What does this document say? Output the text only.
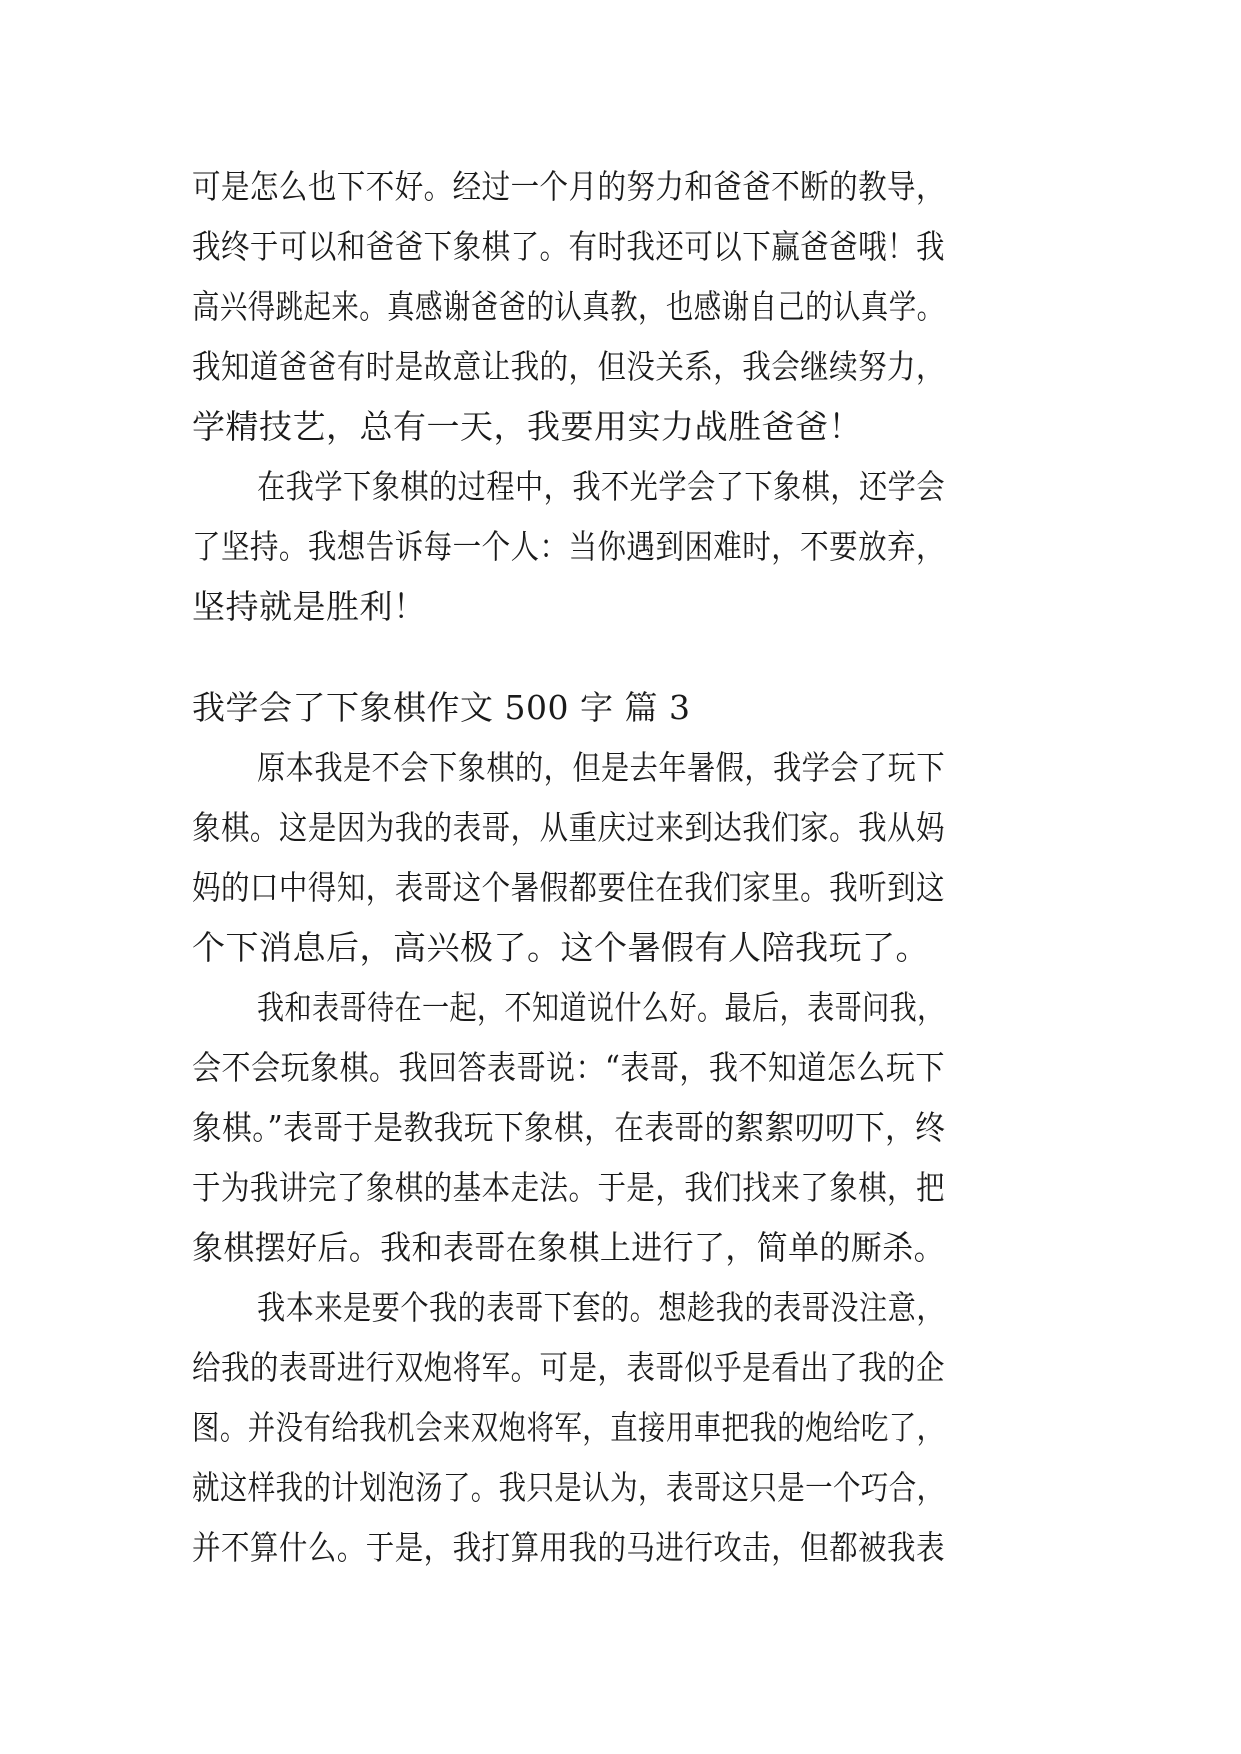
可是怎么也下不好。经过一个月的努力和爸爸不断的教导，

我终于可以和爸爸下象棋了。有时我还可以下赢爸爸哦！我

高兴得跳起来。真感谢爸爸的认真教，也感谢自己的认真学。

我知道爸爸有时是故意让我的，但没关系，我会继续努力，

学精技艺，总有一天，我要用实力战胜爸爸！

在我学下象棋的过程中，我不光学会了下象棋，还学会

了坚持。我想告诉每一个人：当你遇到困难时，不要放弃，

坚持就是胜利！

我学会了下象棋作文 500 字 篇 3

原本我是不会下象棋的，但是去年暑假，我学会了玩下

象棋。这是因为我的表哥，从重庆过来到达我们家。我从妈

妈的口中得知，表哥这个暑假都要住在我们家里。我听到这

个下消息后，高兴极了。这个暑假有人陪我玩了。

我和表哥待在一起，不知道说什么好。最后，表哥问我，

会不会玩象棋。我回答表哥说：“表哥，我不知道怎么玩下

象棋。”表哥于是教我玩下象棋，在表哥的絮絮叨叨下，终

于为我讲完了象棋的基本走法。于是，我们找来了象棋，把

象棋摆好后。我和表哥在象棋上进行了，简单的厮杀。

我本来是要个我的表哥下套的。想趁我的表哥没注意，

给我的表哥进行双炮将军。可是，表哥似乎是看出了我的企

图。并没有给我机会来双炮将军，直接用車把我的炮给吃了，

就这样我的计划泡汤了。我只是认为，表哥这只是一个巧合，

并不算什么。于是，我打算用我的马进行攻击，但都被我表
